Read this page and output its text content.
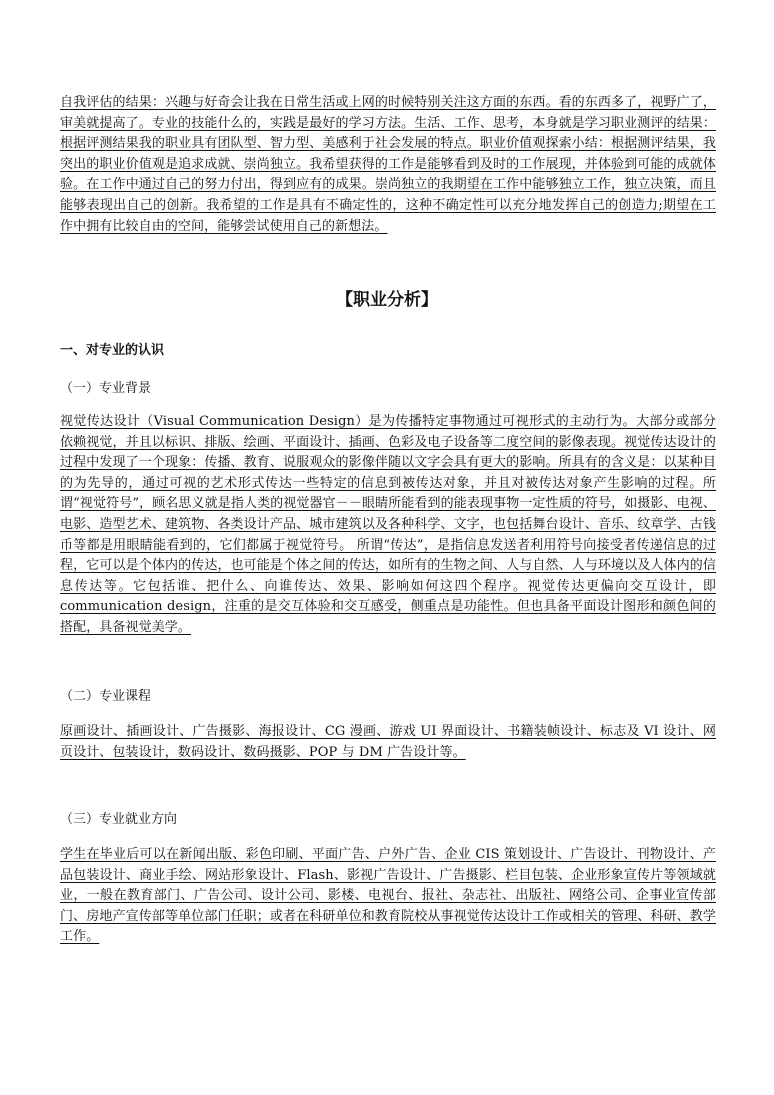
自我评估的结果：兴趣与好奇会让我在日常生活或上网的时候特别关注这方面的东西。看的东西多了，视野广了，审美就提高了。专业的技能什么的，实践是最好的学习方法。生活、工作、思考，本身就是学习职业测评的结果：根据评测结果我的职业具有团队型、智力型、美感利于社会发展的特点。职业价值观探索小结：根据测评结果，我突出的职业价值观是追求成就、崇尚独立。我希望获得的工作是能够看到及时的工作展现，并体验到可能的成就体验。在工作中通过自己的努力付出，得到应有的成果。崇尚独立的我期望在工作中能够独立工作，独立决策，而且能够表现出自己的创新。我希望的工作是具有不确定性的，这种不确定性可以充分地发挥自己的创造力;期望在工作中拥有比较自由的空间，能够尝试使用自己的新想法。
【职业分析】
一、对专业的认识
（一）专业背景
视觉传达设计（Visual Communication Design）是为传播特定事物通过可视形式的主动行为。大部分或部分依赖视觉，并且以标识、排版、绘画、平面设计、插画、色彩及电子设备等二度空间的影像表现。视觉传达设计的过程中发现了一个现象：传播、教育、说服观众的影像伴随以文字会具有更大的影响。所具有的含义是：以某种目的为先导的，通过可视的艺术形式传达一些特定的信息到被传达对象，并且对被传达对象产生影响的过程。所谓“视觉符号”，顾名思义就是指人类的视觉器官－－眼睛所能看到的能表现事物一定性质的符号，如摄影、电视、电影、造型艺术、建筑物、各类设计产品、城市建筑以及各种科学、文字，也包括舞台设计、音乐、纹章学、古钱币等都是用眼睛能看到的，它们都属于视觉符号。 所谓“传达”，是指信息发送者利用符号向接受者传递信息的过程，它可以是个体内的传达，也可能是个体之间的传达，如所有的生物之间、人与自然、人与环境以及人体内的信息传达等。它包括谁、把什么、向谁传达、效果、影响如何这四个程序。视觉传达更偏向交互设计，即 communication design，注重的是交互体验和交互感受，侧重点是功能性。但也具备平面设计图形和颜色间的搭配，具备视觉美学。
（二）专业课程
原画设计、插画设计、广告摄影、海报设计、CG 漫画、游戏 UI 界面设计、书籍装帧设计、标志及 VI 设计、网页设计、包装设计，数码设计、数码摄影、POP 与 DM 广告设计等。
（三）专业就业方向
学生在毕业后可以在新闻出版、彩色印刷、平面广告、户外广告、企业 CIS 策划设计、广告设计、刊物设计、产品包装设计、商业手绘、网站形象设计、Flash、影视广告设计、广告摄影、栏目包装、企业形象宣传片等领域就业，一般在教育部门、广告公司、设计公司、影楼、电视台、报社、杂志社、出版社、网络公司、企事业宣传部门、房地产宣传部等单位部门任职；或者在科研单位和教育院校从事视觉传达设计工作或相关的管理、科研、教学工作。
